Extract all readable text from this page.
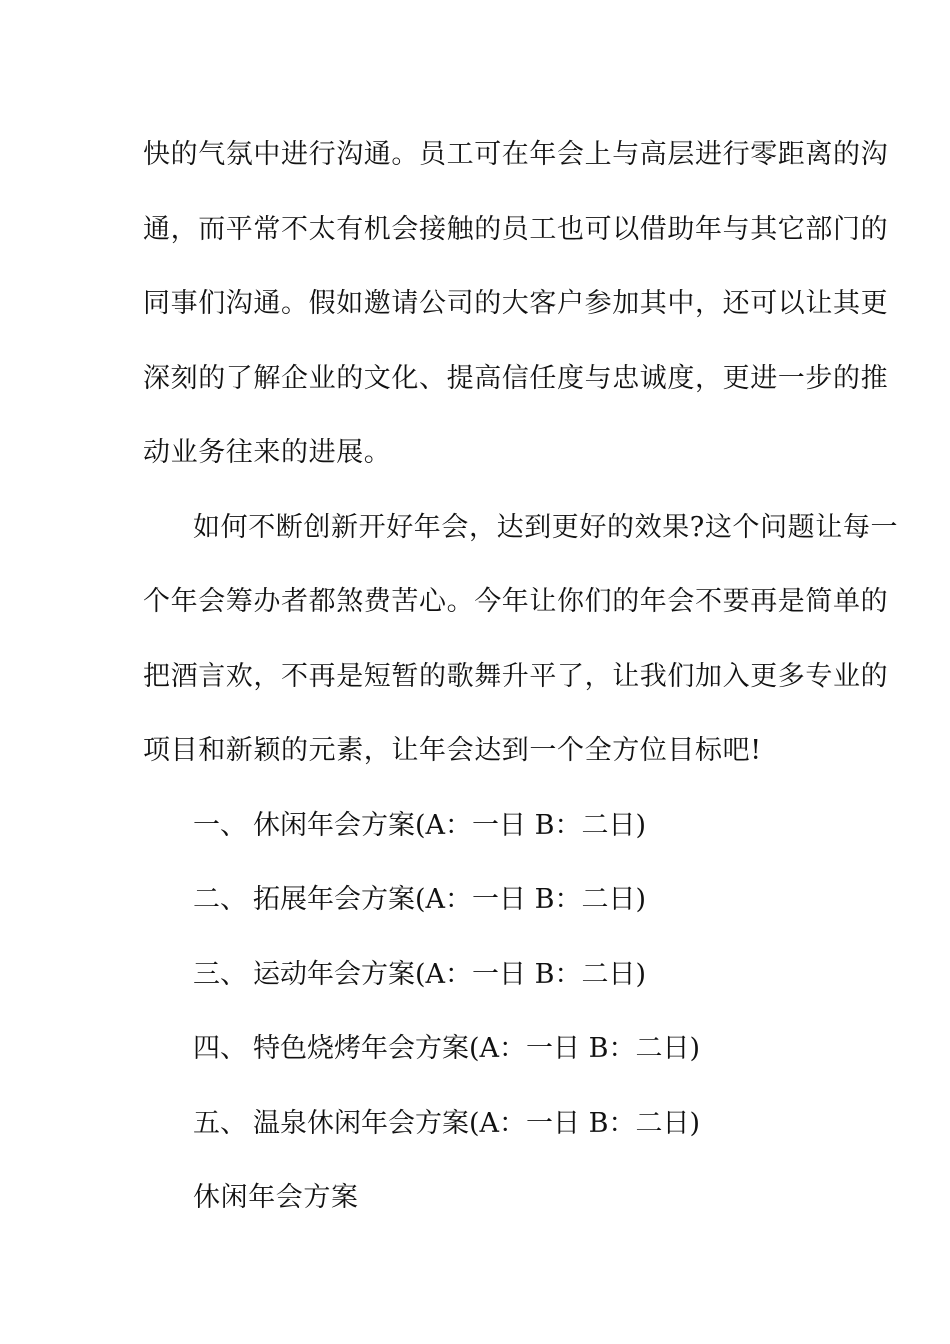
快的气氛中进行沟通。员工可在年会上与高层进行零距离的沟
通，而平常不太有机会接触的员工也可以借助年与其它部门的
同事们沟通。假如邀请公司的大客户参加其中，还可以让其更
深刻的了解企业的文化、提高信任度与忠诚度，更进一步的推
动业务往来的进展。
如何不断创新开好年会，达到更好的效果?这个问题让每一
个年会筹办者都煞费苦心。今年让你们的年会不要再是简单的
把酒言欢，不再是短暂的歌舞升平了，让我们加入更多专业的
项目和新颖的元素，让年会达到一个全方位目标吧!
一、 休闲年会方案(A：一日 B：二日)
二、 拓展年会方案(A：一日 B：二日)
三、 运动年会方案(A：一日 B：二日)
四、 特色烧烤年会方案(A：一日 B：二日)
五、 温泉休闲年会方案(A：一日 B：二日)
休闲年会方案
